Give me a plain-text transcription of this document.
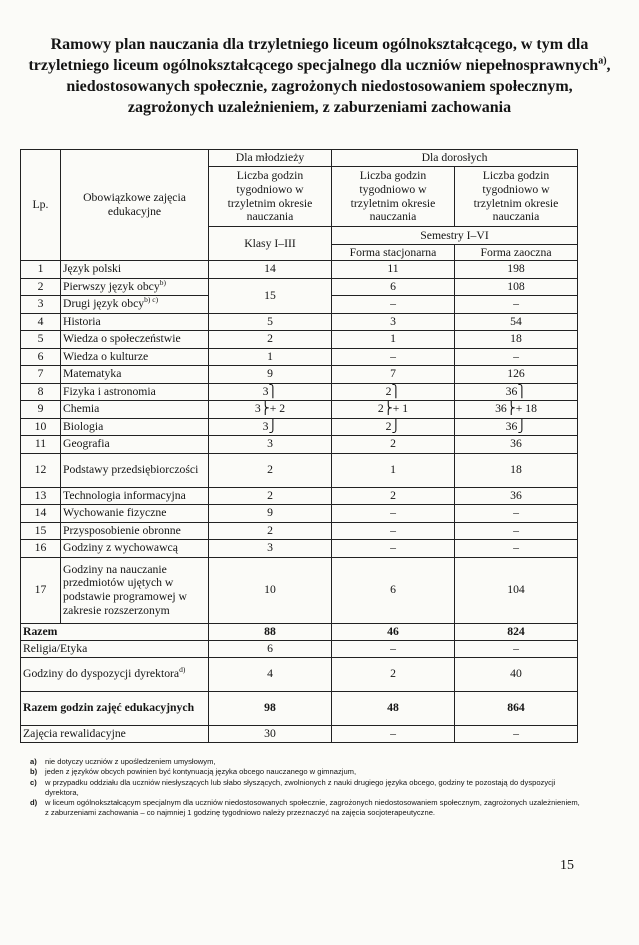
Ramowy plan nauczania dla trzyletniego liceum ogólnokształcącego, w tym dla trzyletniego liceum ogólnokształcącego specjalnego dla uczniów niepełnosprawnych$^{a)}$, niedostosowanych społecznie, zagrożonych niedostosowaniem społecznym, zagrożonych uzależnieniem, z zaburzeniami zachowania
Lp.	Obowiązkowe zajęcia edukacyjne	Dla młodzieży	Dla dorosłych	
		Liczba godzin tygodniowo w trzyletnim okresie nauczania	Liczba godzin tygodniowo w trzyletnim okresie nauczania	Liczba godzin tygodniowo w trzyletnim okresie nauczania
		Klasy I–III	Semestry I–VI	
			Forma stacjonarna	Forma zaoczna
1	Język polski	14	11	198
2	Pierwszy język obcy$^{b)}$	15	6	108
3	Drugi język obcy$^{b) c)}$		–	–
4	Historia	5	3	54
5	Wiedza o społeczeństwie	2	1	18
6	Wiedza o kulturze	1	–	–
7	Matematyka	9	7	126
8	Fizyka i astronomia	3⎫	2⎫	36⎫
9	Chemia	3⎬+ 2	2⎬+ 1	36⎬+ 18
10	Biologia	3⎭	2⎭	36⎭
11	Geografia	3	2	36
12	Podstawy przedsiębiorczości	2	1	18
13	Technologia informacyjna	2	2	36
14	Wychowanie fizyczne	9	–	–
15	Przysposobienie obronne	2	–	–
16	Godziny z wychowawcą	3	–	–
17	Godziny na nauczanie przedmiotów ujętych w podstawie programowej w zakresie rozszerzonym	10	6	104
Razem		88	46	824
Religia/Etyka		6	–	–
Godziny do dyspozycji dyrektora$^{d)}$		4	2	40
Razem godzin zajęć edukacyjnych		98	48	864
Zajęcia rewalidacyjne		30	–	–
a)	nie dotyczy uczniów z upośledzeniem umysłowym,
b)	jeden z języków obcych powinien być kontynuacją języka obcego nauczanego w gimnazjum,
c)	w przypadku oddziału dla uczniów niesłyszących lub słabo słyszących, zwolnionych z nauki drugiego języka obcego, godziny te pozostają do dyspozycji dyrektora,
d)	w liceum ogólnokształcącym specjalnym dla uczniów niedostosowanych społecznie, zagrożonych niedostosowaniem społecznym, zagrożonych uzależnieniem, z zaburzeniami zachowania – co najmniej 1 godzinę tygodniowo należy przeznaczyć na zajęcia socjoterapeutyczne.
15
